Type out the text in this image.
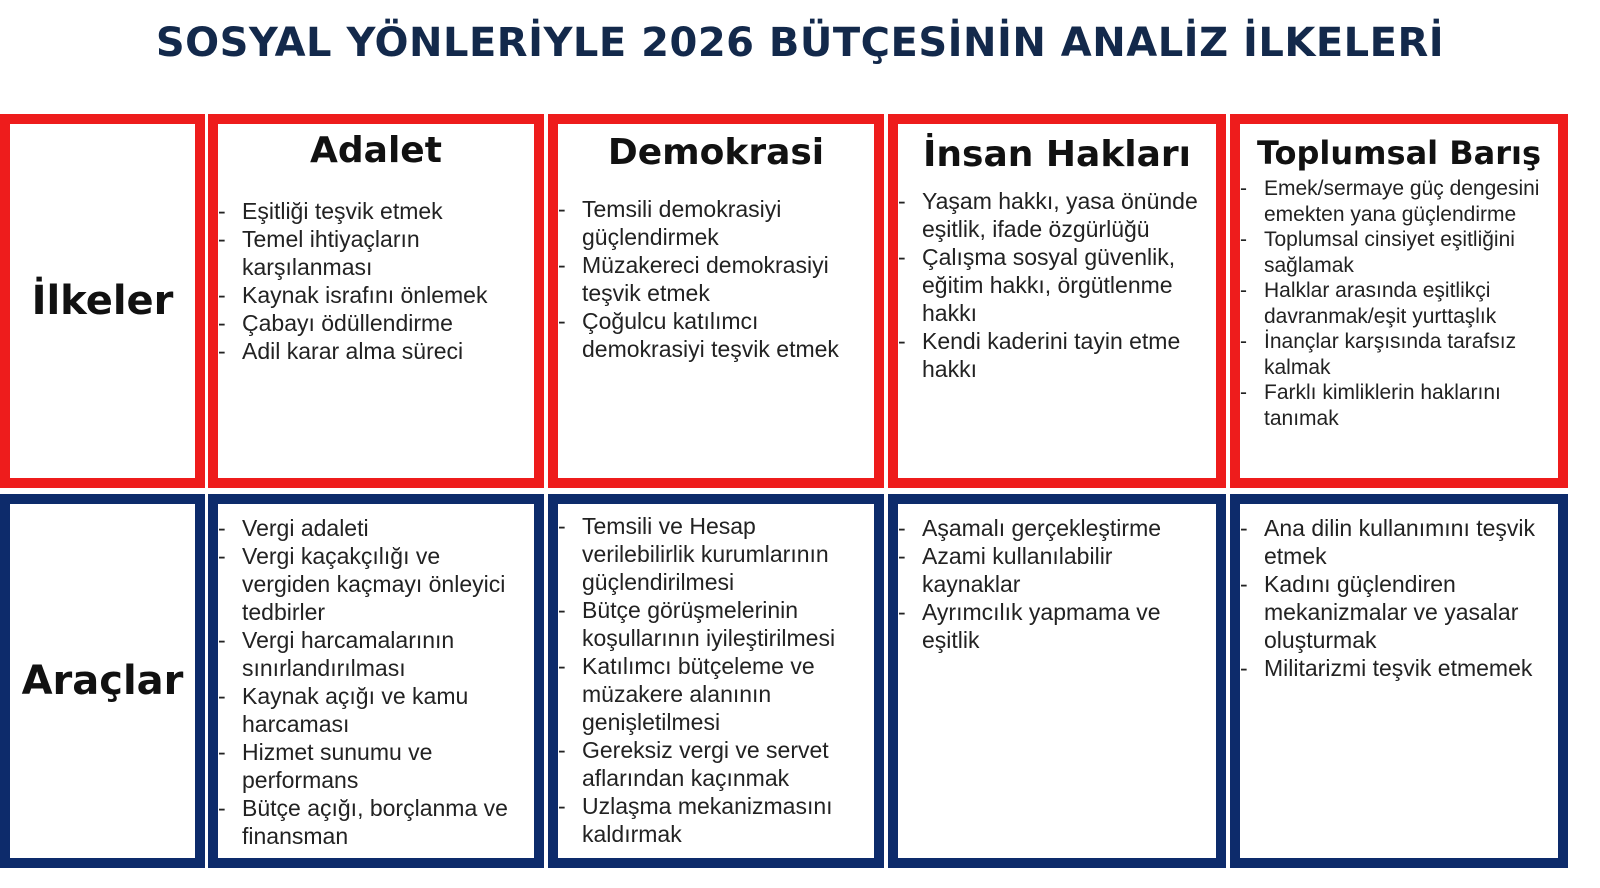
SOSYAL YÖNLERİYLE 2026 BÜTÇESİNİN ANALİZ İLKELERİ
İlkeler
Araçlar
Adalet
- Eşitliği teşvik etmek
- Temel ihtiyaçların karşılanması
- Kaynak israfını önlemek
- Çabayı ödüllendirme
- Adil karar alma süreci
- Vergi adaleti
- Vergi kaçakçılığı ve vergiden kaçmayı önleyici tedbirler
- Vergi harcamalarının sınırlandırılması
- Kaynak açığı ve kamu harcaması
- Hizmet sunumu ve performans
- Bütçe açığı, borçlanma ve finansman
Demokrasi
- Temsili demokrasiyi güçlendirmek
- Müzakereci demokrasiyi teşvik etmek
- Çoğulcu katılımcı demokrasiyi teşvik etmek
- Temsili ve Hesap verilebilirlik kurumlarının güçlendirilmesi
- Bütçe görüşmelerinin koşullarının iyileştirilmesi
- Katılımcı bütçeleme ve müzakere alanının genişletilmesi
- Gereksiz vergi ve servet aflarından kaçınmak
- Uzlaşma mekanizmasını kaldırmak
İnsan Hakları
- Yaşam hakkı, yasa önünde eşitlik, ifade özgürlüğü
- Çalışma sosyal güvenlik, eğitim hakkı, örgütlenme hakkı
- Kendi kaderini tayin etme hakkı
- Aşamalı gerçekleştirme
- Azami kullanılabilir kaynaklar
- Ayrımcılık yapmama ve eşitlik
Toplumsal Barış
- Emek/sermaye güç dengesini emekten yana güçlendirme
- Toplumsal cinsiyet eşitliğini sağlamak
- Halklar arasında eşitlikçi davranmak/eşit yurttaşlık
- İnançlar karşısında tarafsız kalmak
- Farklı kimliklerin haklarını tanımak
- Ana dilin kullanımını teşvik etmek
- Kadını güçlendiren mekanizmalar ve yasalar oluşturmak
- Militarizmi teşvik etmemek
